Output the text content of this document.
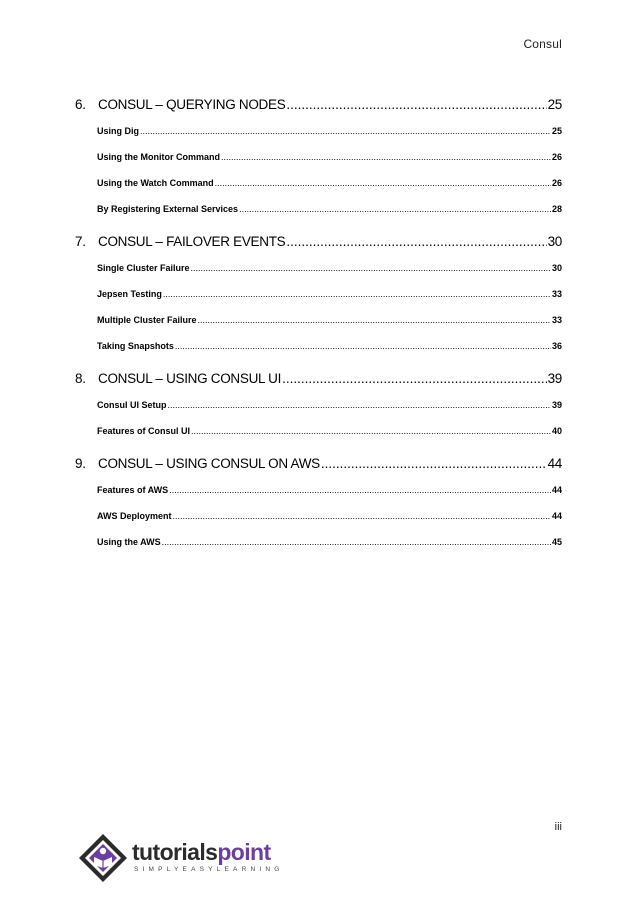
Consul
6. CONSUL – QUERYING NODES .....	25
Using Dig .....	25
Using the Monitor Command .....	26
Using the Watch Command .....	26
By Registering External Services .....	28
7. CONSUL – FAILOVER EVENTS .....	30
Single Cluster Failure .....	30
Jepsen Testing .....	33
Multiple Cluster Failure .....	33
Taking Snapshots .....	36
8. CONSUL – USING CONSUL UI .....	39
Consul UI Setup .....	39
Features of Consul UI .....	40
9. CONSUL – USING CONSUL ON AWS .....	44
Features of AWS .....	44
AWS Deployment .....	44
Using the AWS .....	45
iii
tutorialspoint
SIMPLYEASYLEARNING
